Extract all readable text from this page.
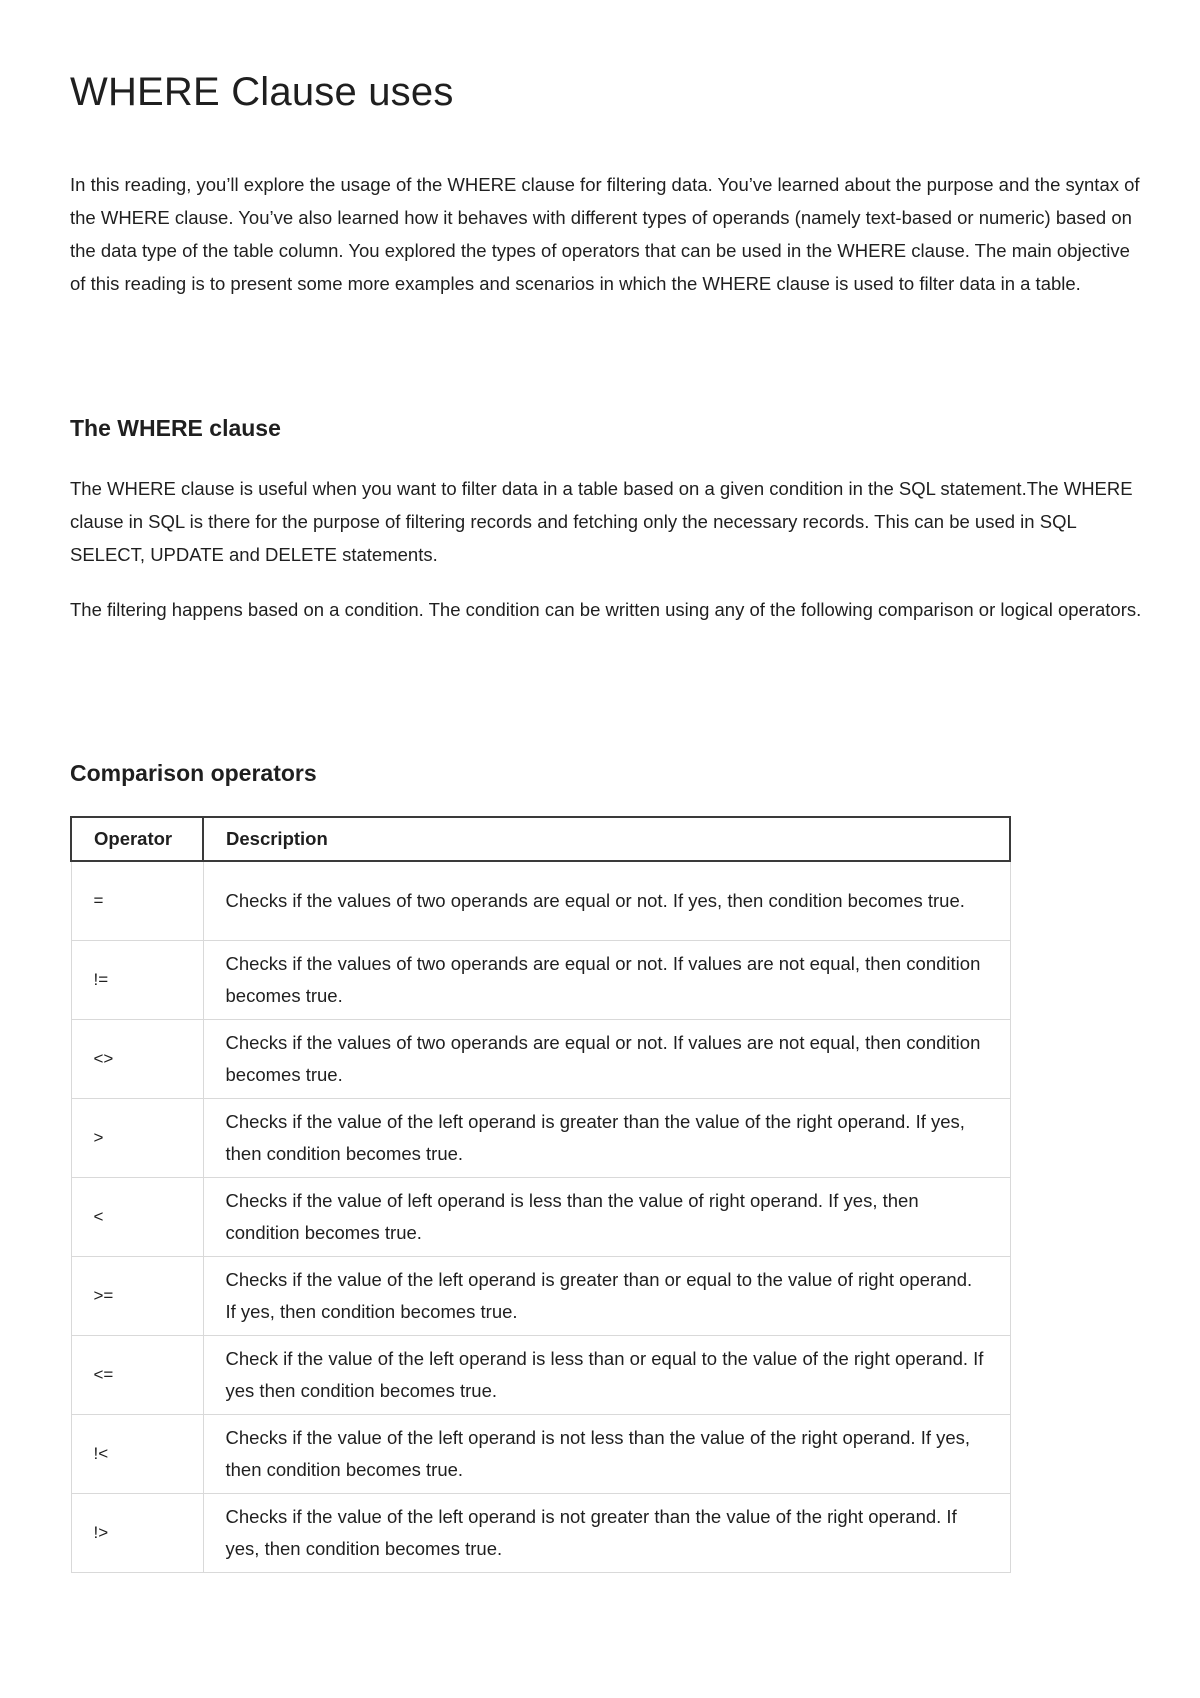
WHERE Clause uses

In this reading, you’ll explore the usage of the WHERE clause for filtering data. You’ve learned about the purpose and the syntax of the WHERE clause. You’ve also learned how it behaves with different types of operands (namely text-based or numeric) based on the data type of the table column. You explored the types of operators that can be used in the WHERE clause. The main objective of this reading is to present some more examples and scenarios in which the WHERE clause is used to filter data in a table.

The WHERE clause

The WHERE clause is useful when you want to filter data in a table based on a given condition in the SQL statement.The WHERE clause in SQL is there for the purpose of filtering records and fetching only the necessary records. This can be used in SQL SELECT, UPDATE and DELETE statements.

The filtering happens based on a condition. The condition can be written using any of the following comparison or logical operators.

Comparison operators
Operator	Description
=	Checks if the values of two operands are equal or not. If yes, then condition becomes true.
!=	Checks if the values of two operands are equal or not. If values are not equal, then condition becomes true.
<>	Checks if the values of two operands are equal or not. If values are not equal, then condition becomes true.
>	Checks if the value of the left operand is greater than the value of the right operand. If yes, then condition becomes true.
<	Checks if the value of left operand is less than the value of right operand. If yes, then condition becomes true.
>=	Checks if the value of the left operand is greater than or equal to the value of right operand. If yes, then condition becomes true.
<=	Check if the value of the left operand is less than or equal to the value of the right operand. If yes then condition becomes true.
!<	Checks if the value of the left operand is not less than the value of the right operand. If yes, then condition becomes true.
!>	Checks if the value of the left operand is not greater than the value of the right operand. If yes, then condition becomes true.
